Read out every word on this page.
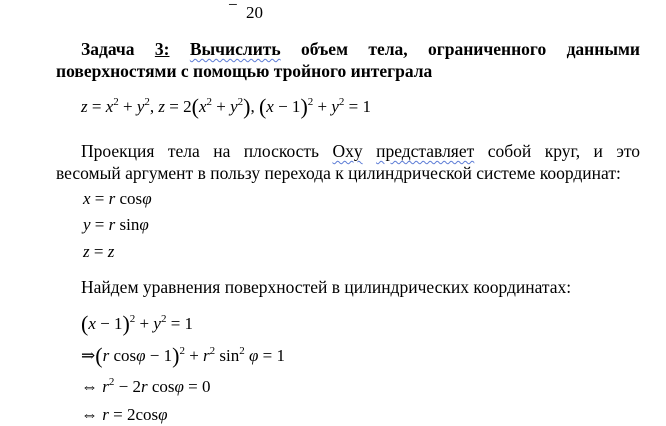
− 20
Задача 3: Вычислить объем тела, ограниченного данными
поверхностями с помощью тройного интеграла
$z = x^2 + y^2$, $z = 2(x^2 + y^2)$, $(x - 1)^2 + y^2 = 1$
Проекция тела на плоскость Oxy представляет собой круг, и это
весомый аргумент в пользу перехода к цилиндрической системе координат:
x = r cosφ
y = r sinφ
z = z
Найдем уравнения поверхностей в цилиндрических координатах:
$(x - 1)^2 + y^2 = 1$
⇒(r $\cos\varphi - 1)^2 + r^2$ $\sin^2 \varphi = 1$
⇔ $r^2 - 2r$ cosφ = 0
⇔ r = 2cosφ
